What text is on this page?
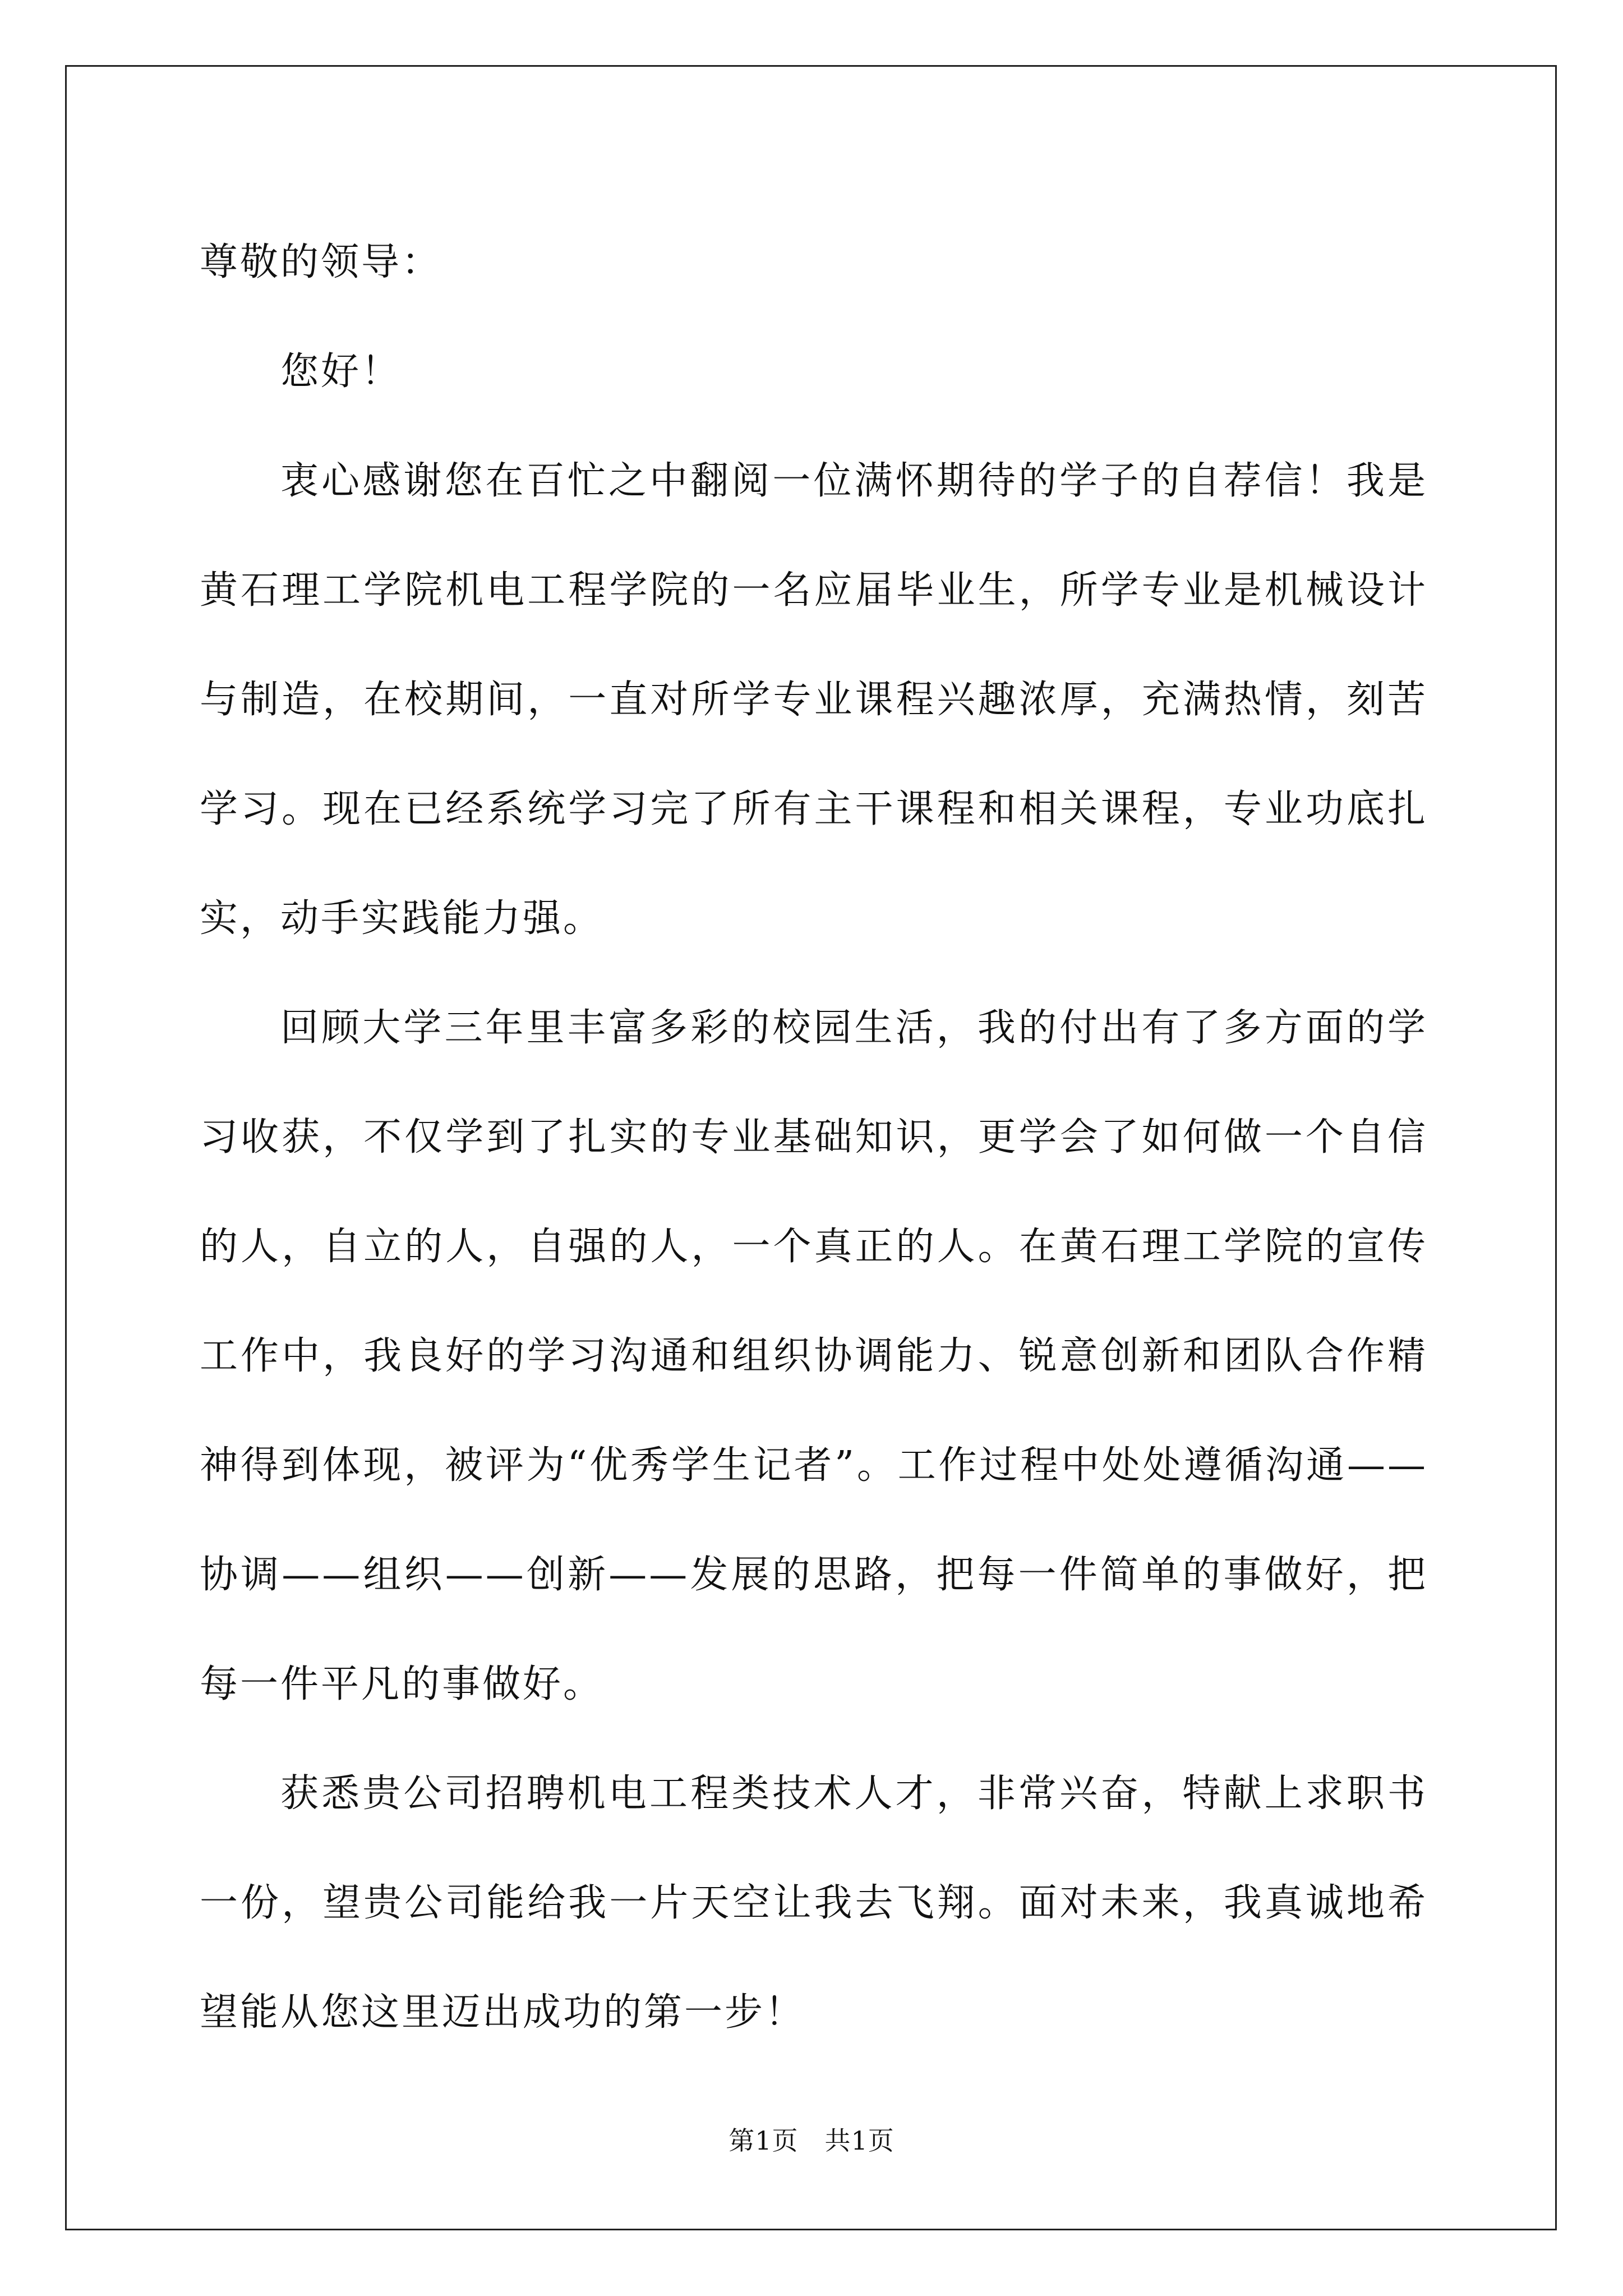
尊敬的领导：

您好！

衷心感谢您在百忙之中翻阅一位满怀期待的学子的自荐信！我是黄石理工学院机电工程学院的一名应届毕业生，所学专业是机械设计与制造，在校期间，一直对所学专业课程兴趣浓厚，充满热情，刻苦学习。现在已经系统学习完了所有主干课程和相关课程，专业功底扎实，动手实践能力强。

回顾大学三年里丰富多彩的校园生活，我的付出有了多方面的学习收获，不仅学到了扎实的专业基础知识，更学会了如何做一个自信的人，自立的人，自强的人，一个真正的人。在黄石理工学院的宣传工作中，我良好的学习沟通和组织协调能力、锐意创新和团队合作精神得到体现，被评为“优秀学生记者”。工作过程中处处遵循沟通——协调——组织——创新——发展的思路，把每一件简单的事做好，把每一件平凡的事做好。

获悉贵公司招聘机电工程类技术人才，非常兴奋，特献上求职书一份，望贵公司能给我一片天空让我去飞翔。面对未来，我真诚地希望能从您这里迈出成功的第一步！

第1页 共1页
